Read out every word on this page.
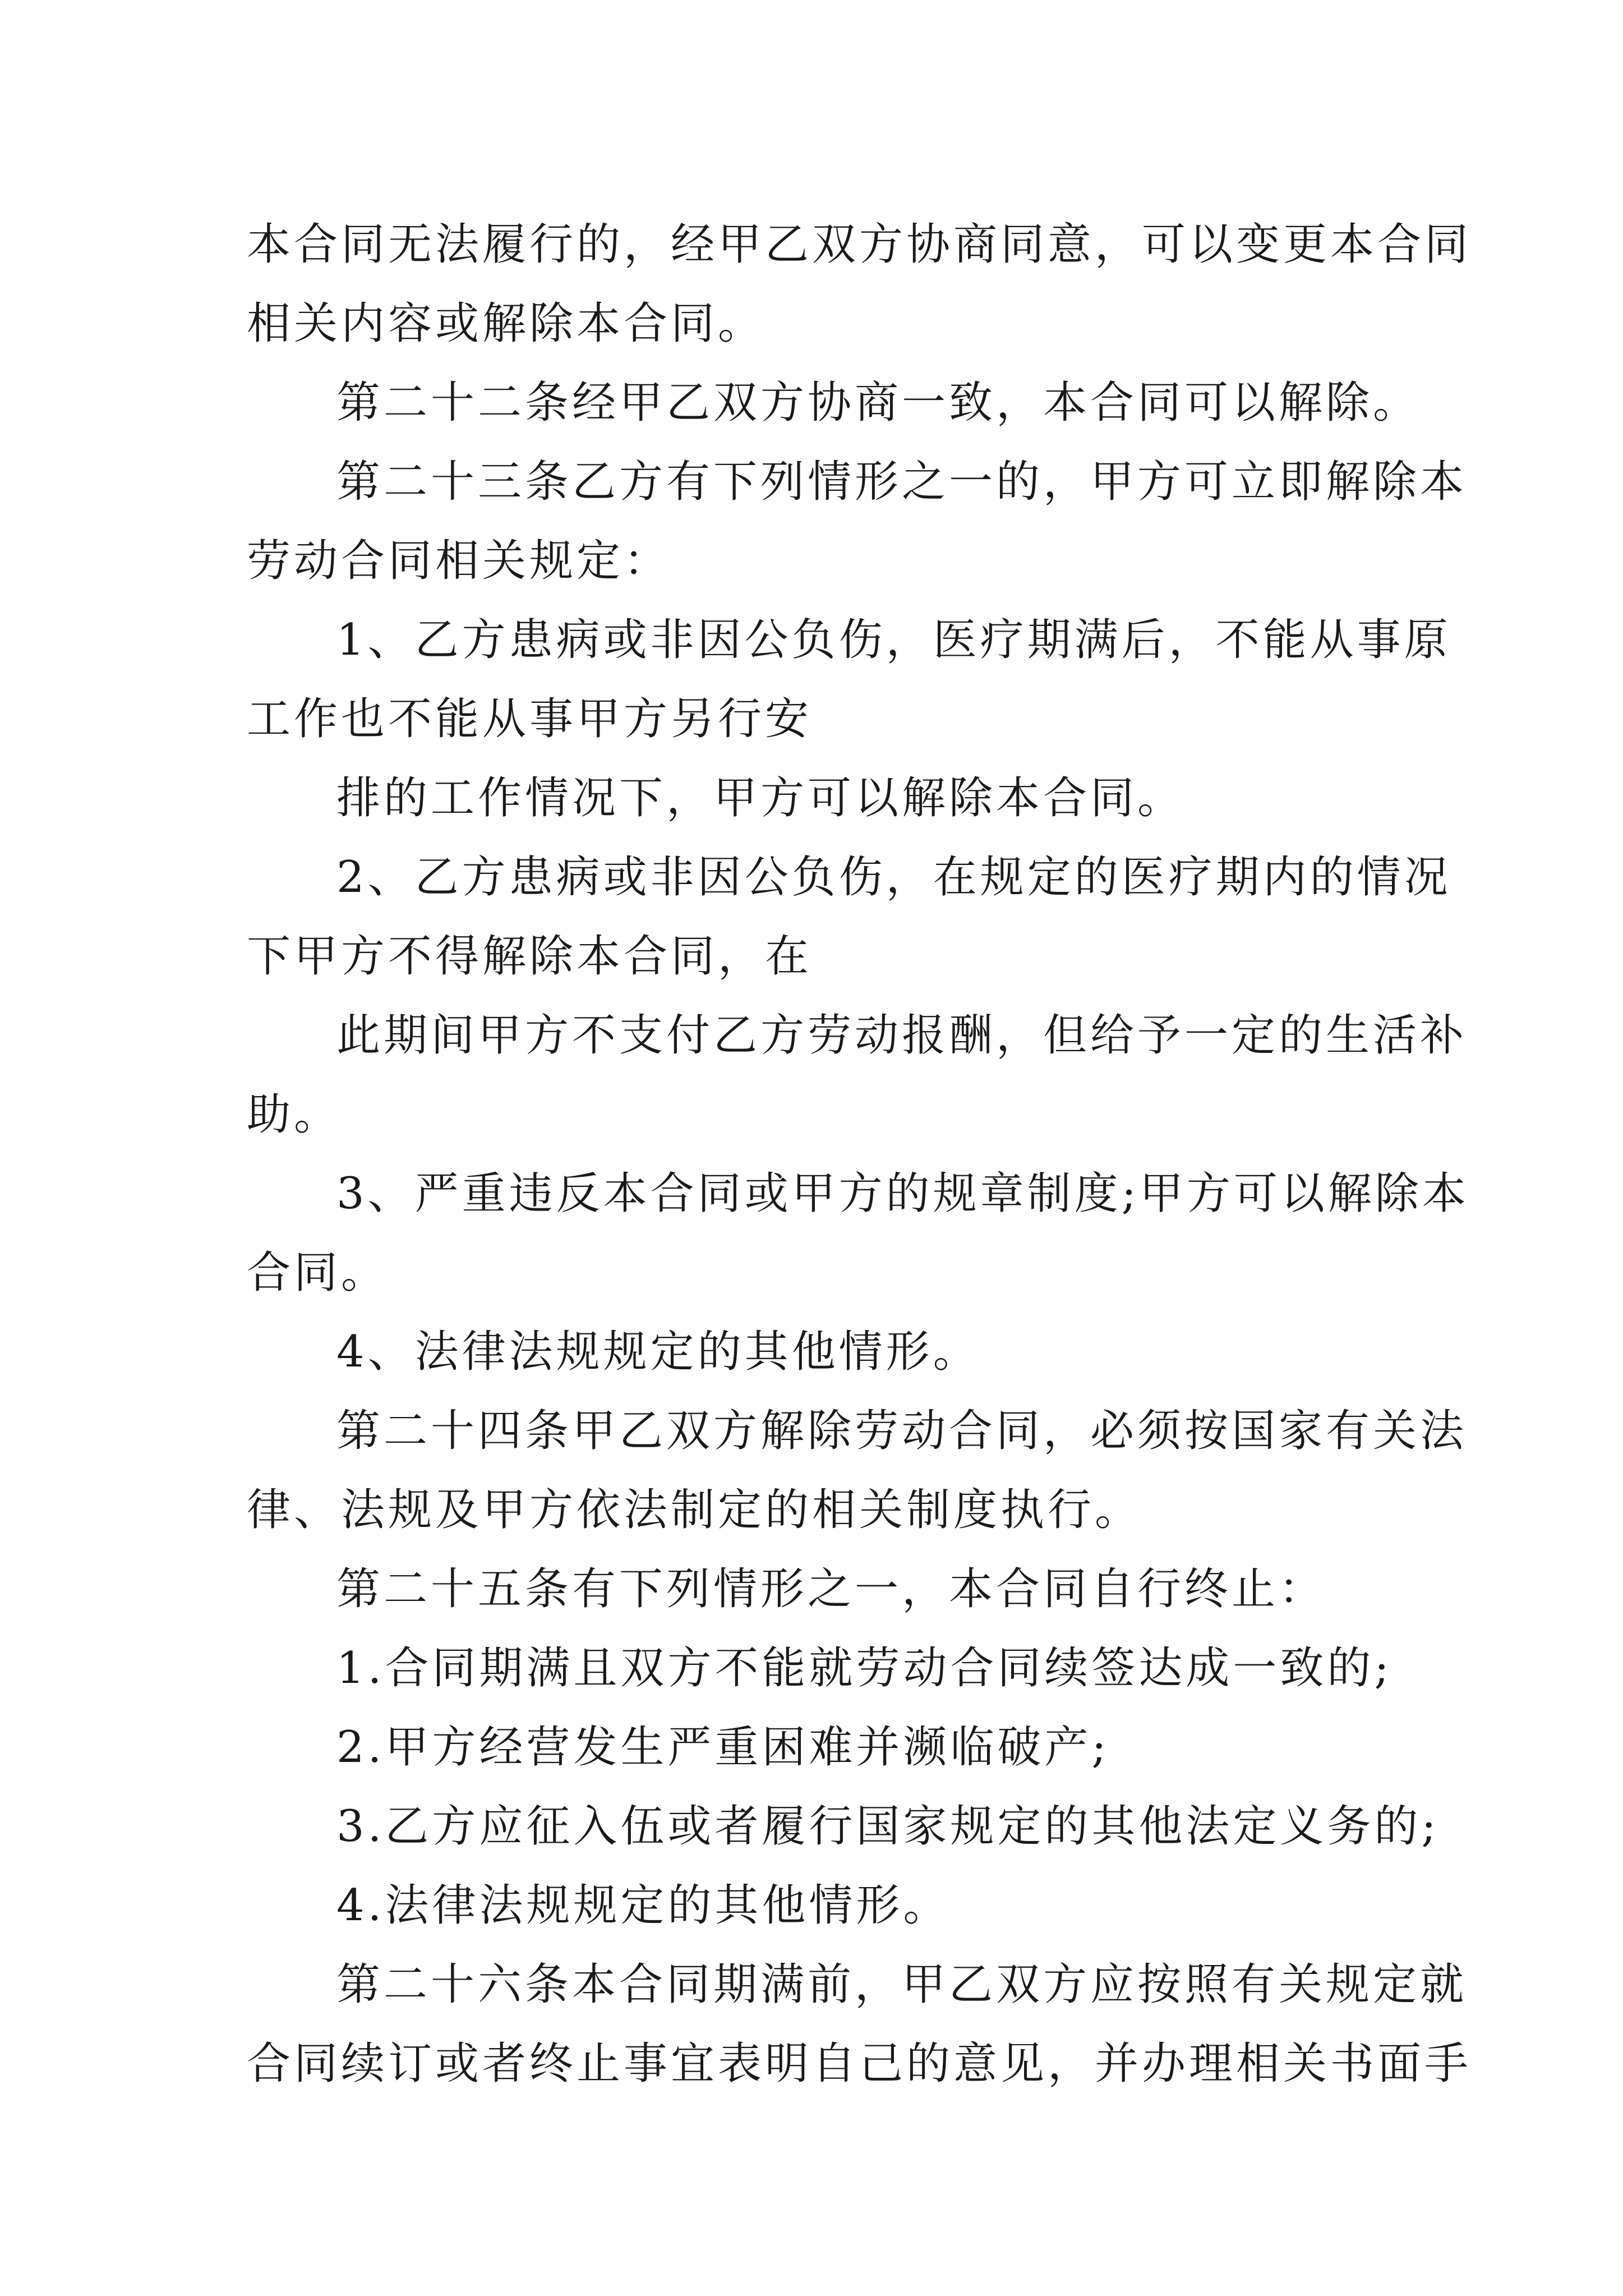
本合同无法履行的，经甲乙双方协商同意，可以变更本合同
相关内容或解除本合同。
第二十二条经甲乙双方协商一致，本合同可以解除。
第二十三条乙方有下列情形之一的，甲方可立即解除本
劳动合同相关规定：
1、乙方患病或非因公负伤，医疗期满后，不能从事原
工作也不能从事甲方另行安
排的工作情况下，甲方可以解除本合同。
2、乙方患病或非因公负伤，在规定的医疗期内的情况
下甲方不得解除本合同，在
此期间甲方不支付乙方劳动报酬，但给予一定的生活补
助。
3、严重违反本合同或甲方的规章制度;甲方可以解除本
合同。
4、法律法规规定的其他情形。
第二十四条甲乙双方解除劳动合同，必须按国家有关法
律、法规及甲方依法制定的相关制度执行。
第二十五条有下列情形之一，本合同自行终止：
1.合同期满且双方不能就劳动合同续签达成一致的;
2.甲方经营发生严重困难并濒临破产;
3.乙方应征入伍或者履行国家规定的其他法定义务的;
4.法律法规规定的其他情形。
第二十六条本合同期满前，甲乙双方应按照有关规定就
合同续订或者终止事宜表明自己的意见，并办理相关书面手
